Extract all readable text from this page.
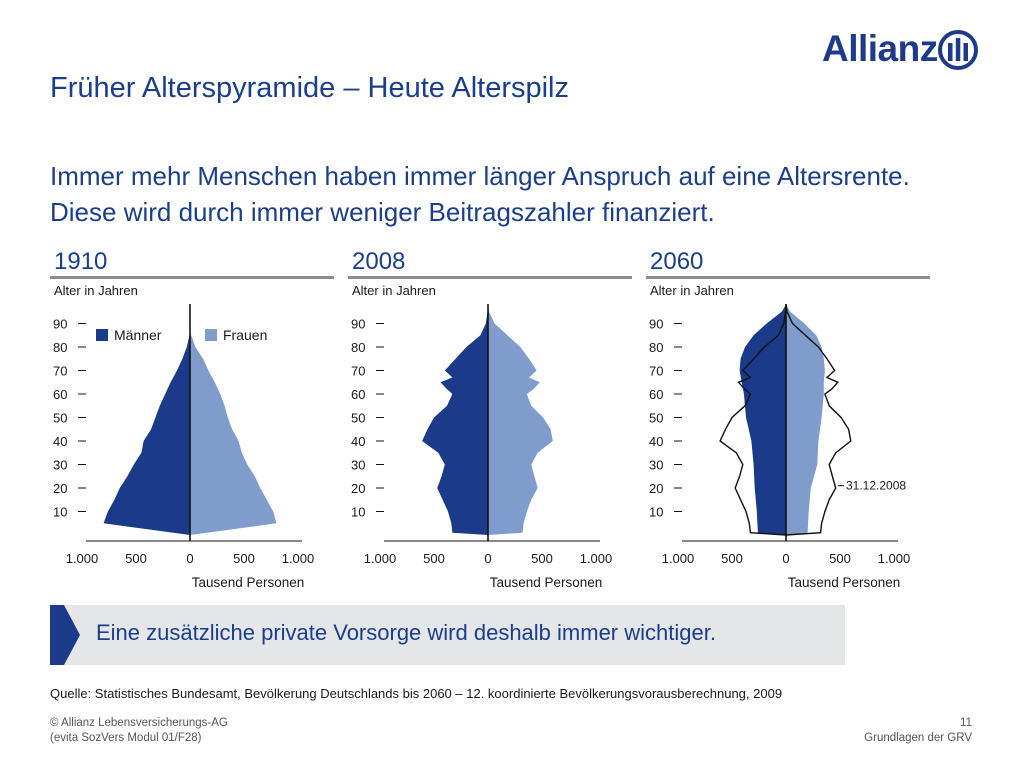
Allianz
Früher Alterspyramide – Heute Alterspilz
Immer mehr Menschen haben immer länger Anspruch auf eine Altersrente. Diese wird durch immer weniger Beitragszahler finanziert.
1910
10
20
30
40
50
60
70
80
90
1.000 500	0	500 1.000
Alter in Jahren
Tausend Personen
Männer	Frauen
2008
10
20
30
40
50
60
70
80
90
1.000 500	0	500 1.000
Alter in Jahren
Tausend Personen
2060
31.12.2008
10
20
30
40
50
60
70
80
90
1.000 500	0	500 1.000
Alter in Jahren
Tausend Personen
Eine zusätzliche private Vorsorge wird deshalb immer wichtiger.
Quelle: Statistisches Bundesamt, Bevölkerung Deutschlands bis 2060 – 12. koordinierte Bevölkerungsvorausberechnung, 2009
© Allianz Lebensversicherungs-AG
(evita SozVers Modul 01/F28)
11
Grundlagen der GRV
